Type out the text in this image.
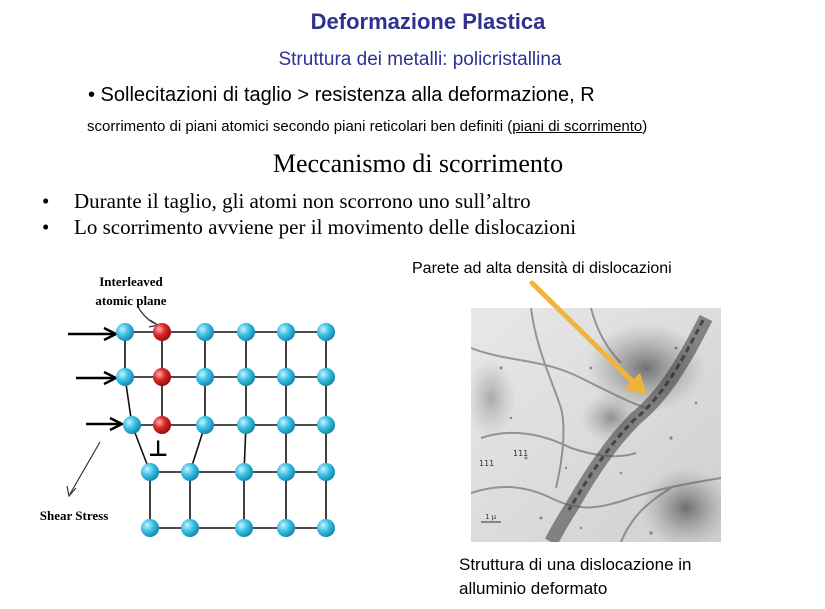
Deformazione Plastica
Struttura dei metalli: policristallina
• Sollecitazioni di taglio > resistenza alla deformazione, R
scorrimento di piani atomici secondo piani reticolari ben definiti (piani di scorrimento)
Meccanismo di scorrimento
• Durante il taglio, gli atomi non scorrono uno sull’altro
• Lo scorrimento avviene per il movimento delle dislocazioni
Interleaved
atomic plane
Shear Stress
⊥
Parete ad alta densità di dislocazioni
111
111
1 μ
Struttura di una dislocazione in
alluminio deformato
